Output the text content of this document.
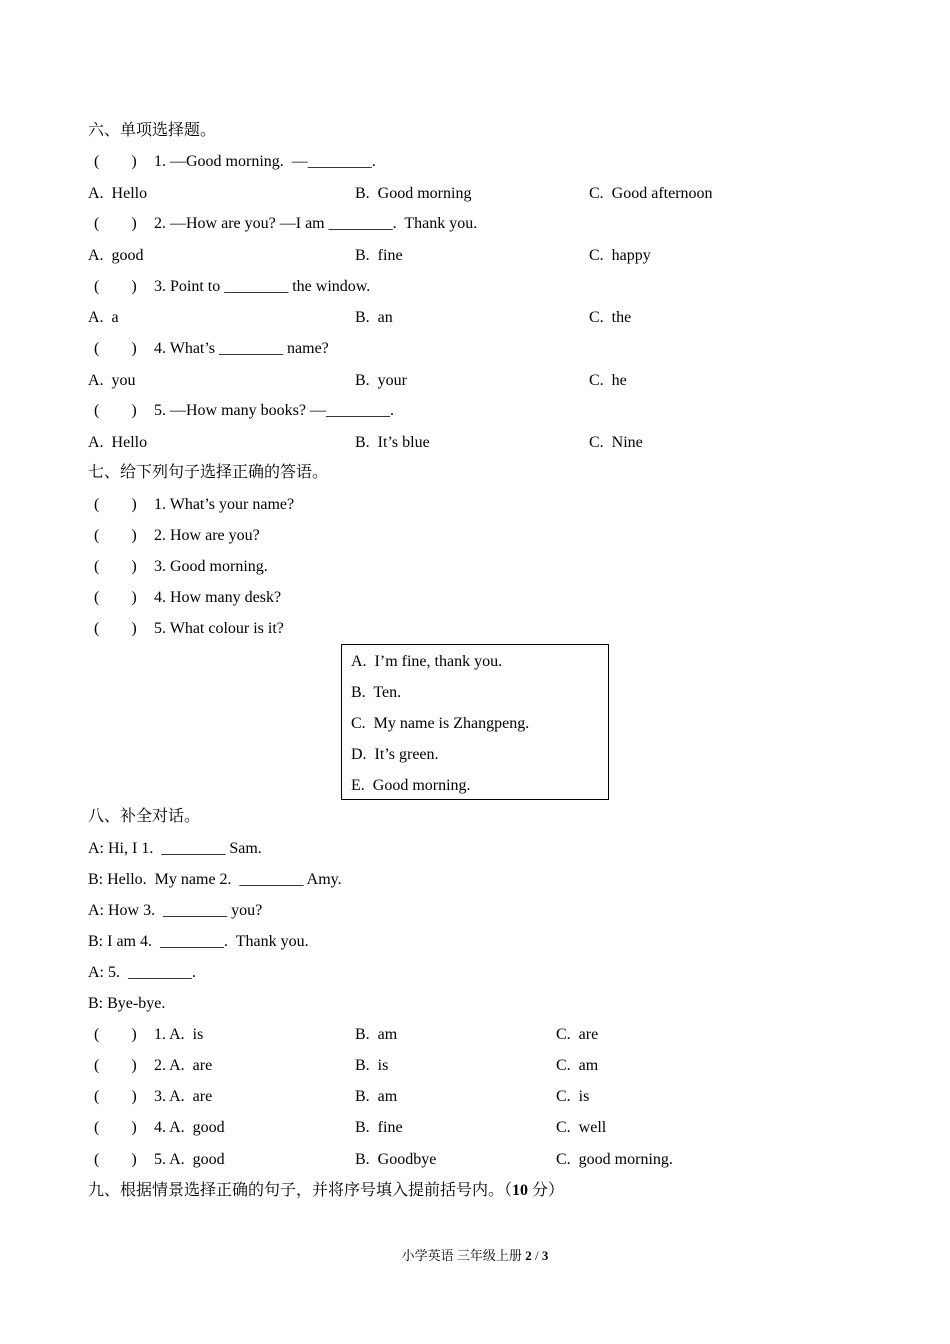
六、单项选择题。
(　　) 1. —Good morning.  —________.
A.  Hello	B.  Good morning	C.  Good afternoon
(　　) 2. —How are you? —I am ________.  Thank you.
A.  good	B.  fine	C.  happy
(　　) 3. Point to ________ the window.
A.  a	B.  an	C.  the
(　　) 4. What’s ________ name?
A.  you	B.  your	C.  he
(　　) 5. —How many books? —________.
A.  Hello	B.  It’s blue	C.  Nine
七、给下列句子选择正确的答语。
(　　) 1. What’s your name?
(　　) 2. How are you?
(　　) 3. Good morning.
(　　) 4. How many desk?
(　　) 5. What colour is it?
A.  I’m fine, thank you.
B.  Ten.
C.  My name is Zhangpeng.
D.  It’s green.
E.  Good morning.
八、补全对话。
A: Hi, I 1.  ________ Sam.
B: Hello.  My name 2.  ________ Amy.
A: How 3.  ________ you?
B: I am 4.  ________.  Thank you.
A: 5.  ________.
B: Bye-bye.
(　　) 1. A.  is	B.  am	C.  are
(　　) 2. A.  are	B.  is	C.  am
(　　) 3. A.  are	B.  am	C.  is
(　　) 4. A.  good	B.  fine	C.  well
(　　) 5. A.  good	B.  Goodbye	C.  good morning.
九、根据情景选择正确的句子，并将序号填入提前括号内。（10 分）
小学英语 三年级上册 2 / 3
